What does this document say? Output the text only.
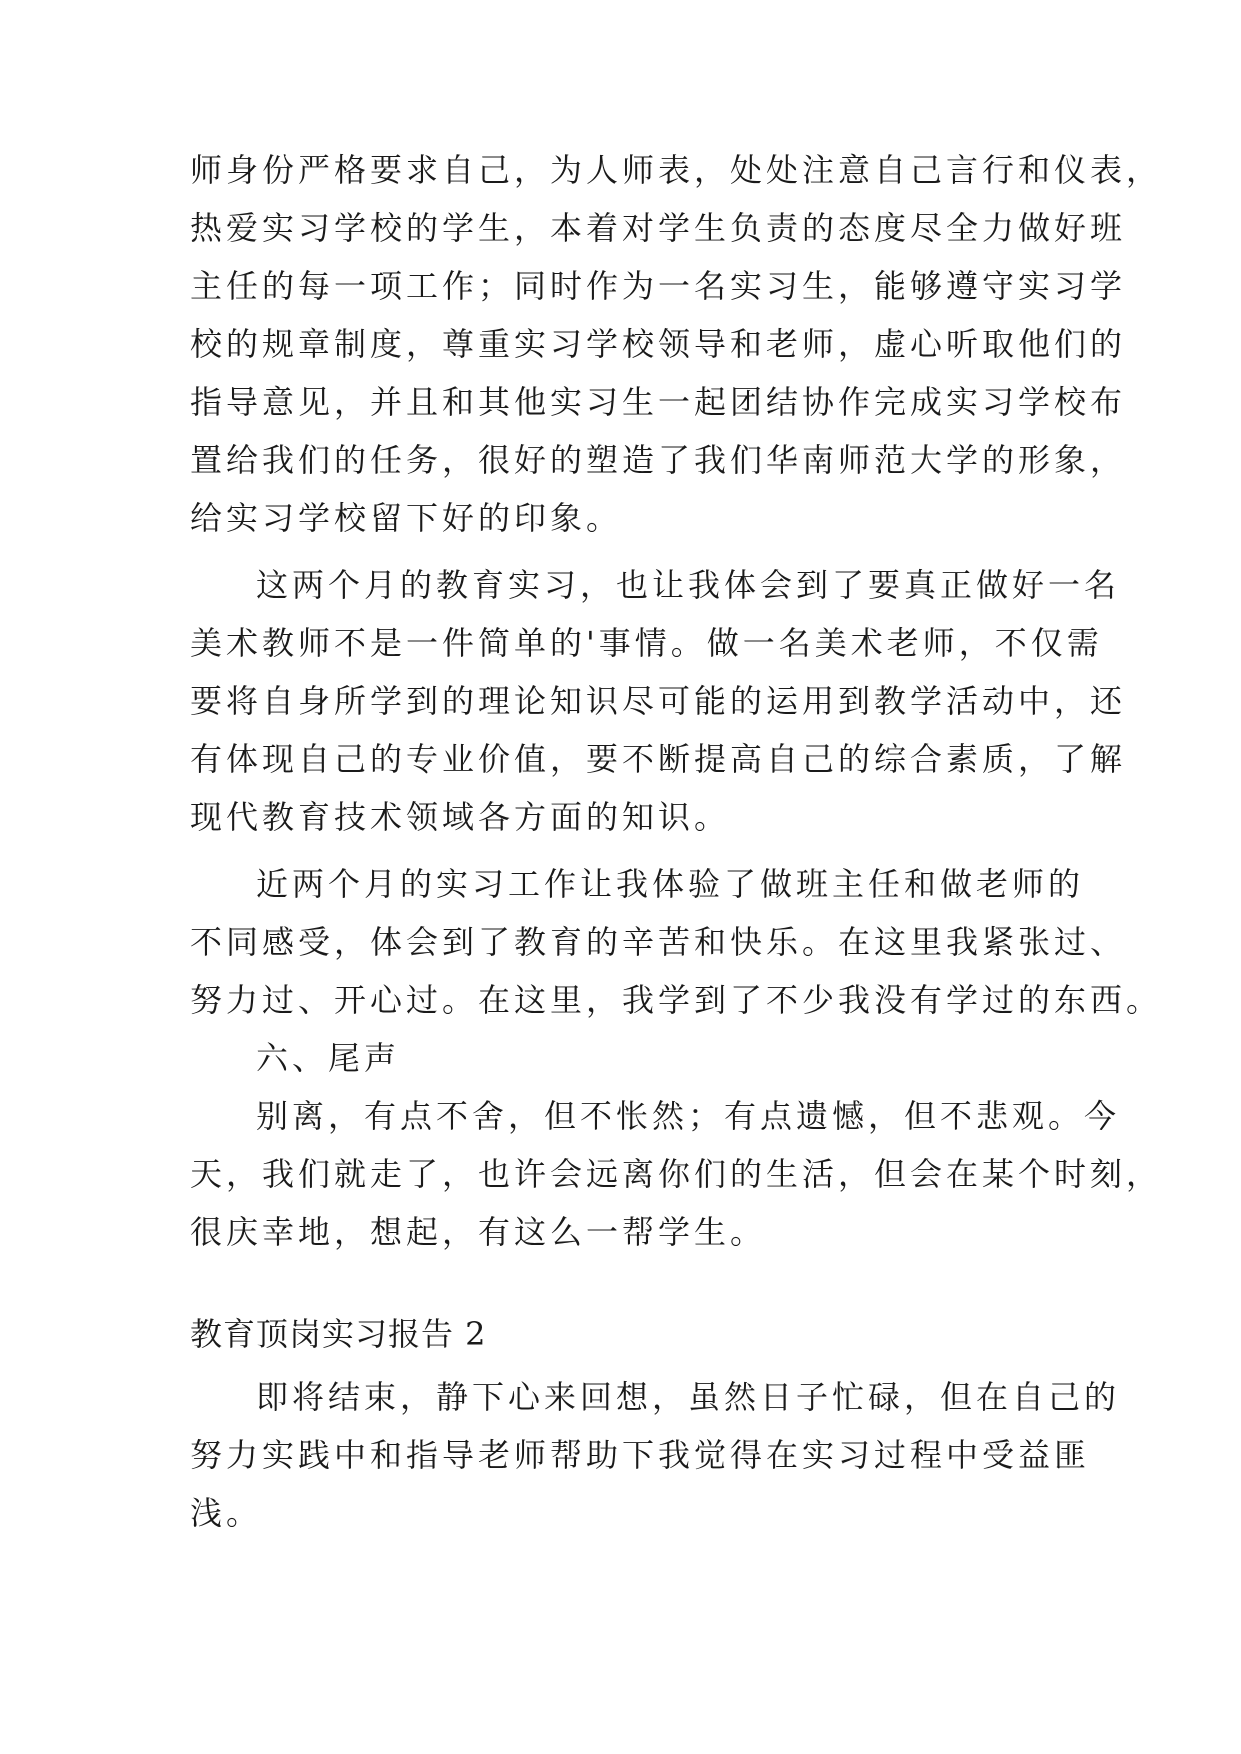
师身份严格要求自己，为人师表，处处注意自己言行和仪表，
热爱实习学校的学生，本着对学生负责的态度尽全力做好班
主任的每一项工作；同时作为一名实习生，能够遵守实习学
校的规章制度，尊重实习学校领导和老师，虚心听取他们的
指导意见，并且和其他实习生一起团结协作完成实习学校布
置给我们的任务，很好的塑造了我们华南师范大学的形象，
给实习学校留下好的印象。
这两个月的教育实习，也让我体会到了要真正做好一名
美术教师不是一件简单的'事情。做一名美术老师，不仅需
要将自身所学到的理论知识尽可能的运用到教学活动中，还
有体现自己的专业价值，要不断提高自己的综合素质，了解
现代教育技术领域各方面的知识。
近两个月的实习工作让我体验了做班主任和做老师的
不同感受，体会到了教育的辛苦和快乐。在这里我紧张过、
努力过、开心过。在这里，我学到了不少我没有学过的东西。
六、尾声
别离，有点不舍，但不怅然；有点遗憾，但不悲观。今
天，我们就走了，也许会远离你们的生活，但会在某个时刻，
很庆幸地，想起，有这么一帮学生。
教育顶岗实习报告 2
即将结束，静下心来回想，虽然日子忙碌，但在自己的
努力实践中和指导老师帮助下我觉得在实习过程中受益匪
浅。
